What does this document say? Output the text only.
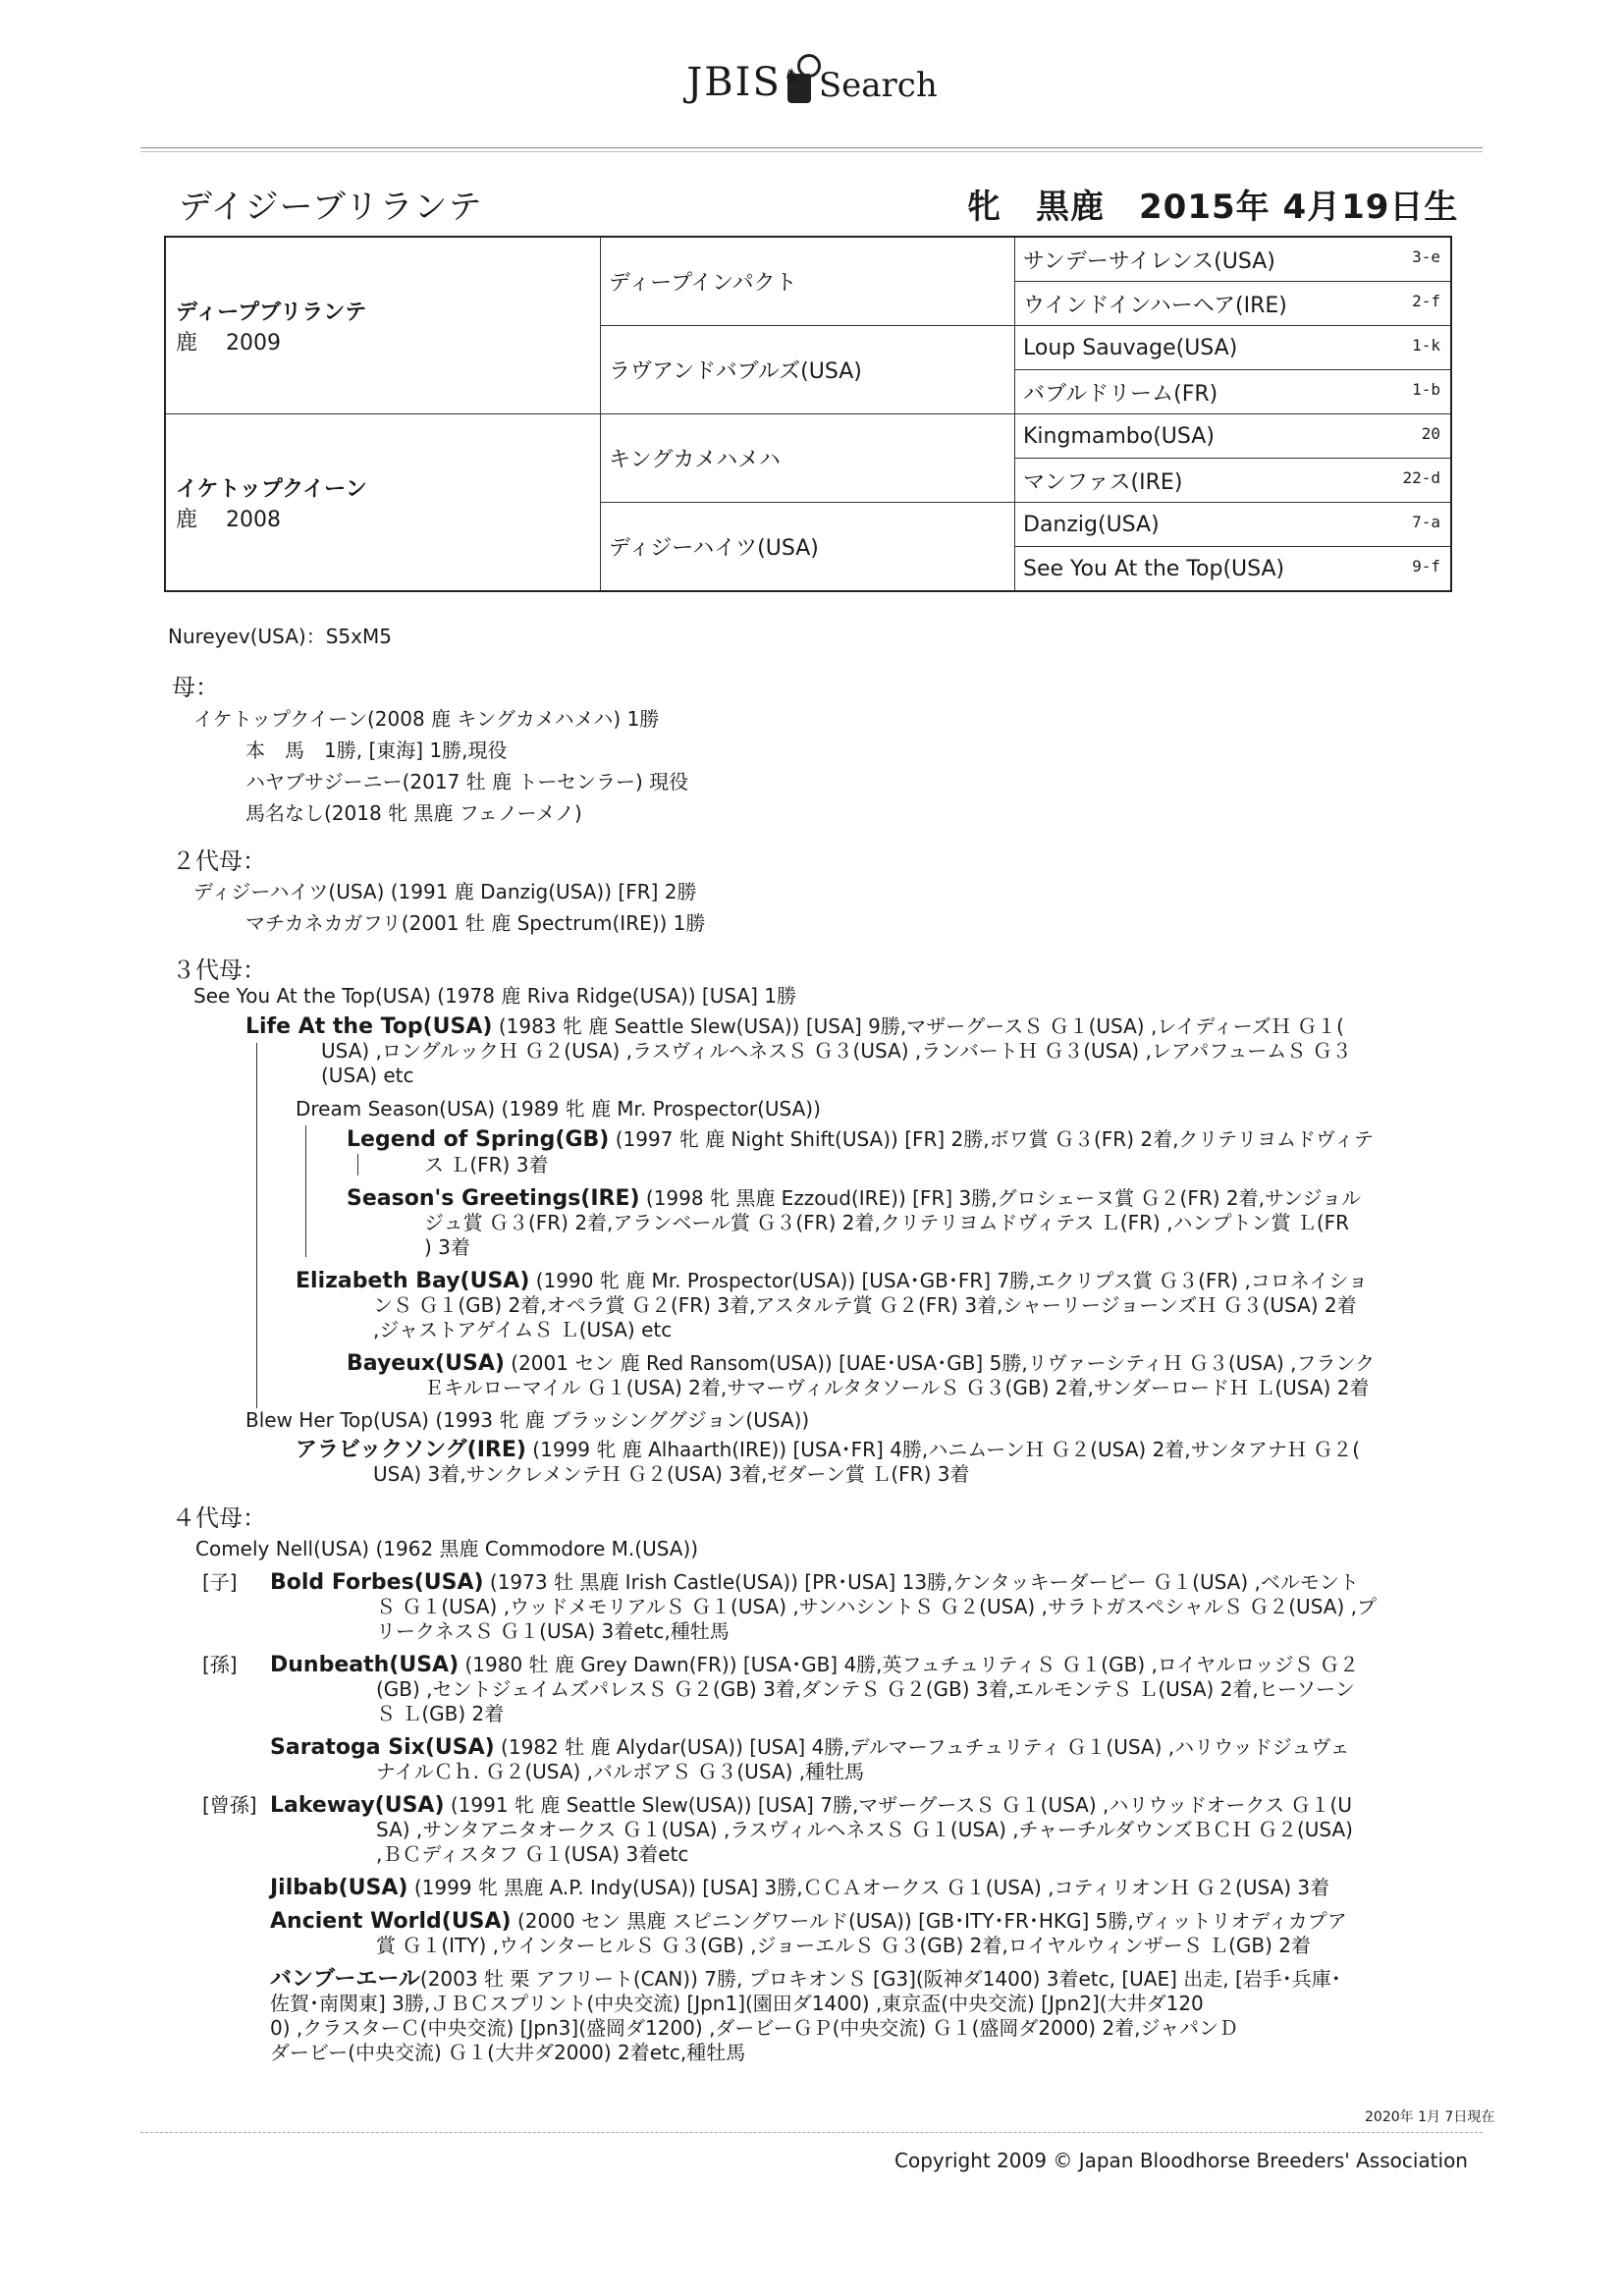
JBIS ♞ Search
デイジーブリランテ	牝　黒鹿　2015年 4月19日生
ディープブリランテ
鹿　 2009	ディープインパクト	サンデーサイレンス(USA) 3-e

		ウインドインハーヘア(IRE) 2-f

	ラヴアンドバブルズ(USA)	Loup Sauvage(USA) 1-k

		バブルドリーム(FR) 1-b

イケトップクイーン
鹿　 2008	キングカメハメハ	Kingmambo(USA) 20

		マンファス(IRE) 22-d

	ディジーハイツ(USA)	Danzig(USA) 7-a

		See You At the Top(USA) 9-f
Nureyev(USA)：S5xM5
母：
イケトップクイーン(2008 鹿 キングカメハメハ) 1勝
本　馬　1勝, [東海] 1勝,現役
ハヤブサジーニー(2017 牡 鹿 トーセンラー) 現役
馬名なし(2018 牝 黒鹿 フェノーメノ)
２代母：
ディジーハイツ(USA) (1991 鹿 Danzig(USA)) [FR] 2勝
マチカネカガフリ(2001 牡 鹿 Spectrum(IRE)) 1勝
３代母：
See You At the Top(USA) (1978 鹿 Riva Ridge(USA)) [USA] 1勝
Life At the Top(USA) (1983 牝 鹿 Seattle Slew(USA)) [USA] 9勝,マザーグースＳ Ｇ１(USA) ,レイディーズＨ Ｇ１(
USA) ,ロングルックＨ Ｇ２(USA) ,ラスヴィルヘネスＳ Ｇ３(USA) ,ランバートＨ Ｇ３(USA) ,レアパフュームＳ Ｇ３
(USA) etc
Dream Season(USA) (1989 牝 鹿 Mr. Prospector(USA))
Legend of Spring(GB) (1997 牝 鹿 Night Shift(USA)) [FR] 2勝,ボワ賞 Ｇ３(FR) 2着,クリテリヨムドヴィテ
ス Ｌ(FR) 3着
Season's Greetings(IRE) (1998 牝 黒鹿 Ezzoud(IRE)) [FR] 3勝,グロシェーヌ賞 Ｇ２(FR) 2着,サンジョル
ジュ賞 Ｇ３(FR) 2着,アランベール賞 Ｇ３(FR) 2着,クリテリヨムドヴィテス Ｌ(FR) ,ハンプトン賞 Ｌ(FR
) 3着
Elizabeth Bay(USA) (1990 牝 鹿 Mr. Prospector(USA)) [USA･GB･FR] 7勝,エクリプス賞 Ｇ３(FR) ,コロネイショ
ンＳ Ｇ１(GB) 2着,オペラ賞 Ｇ２(FR) 3着,アスタルテ賞 Ｇ２(FR) 3着,シャーリージョーンズＨ Ｇ３(USA) 2着
,ジャストアゲイムＳ Ｌ(USA) etc
Bayeux(USA) (2001 セン 鹿 Red Ransom(USA)) [UAE･USA･GB] 5勝,リヴァーシティＨ Ｇ３(USA) ,フランク
Ｅキルローマイル Ｇ１(USA) 2着,サマーヴィルタタソールＳ Ｇ３(GB) 2着,サンダーロードＨ Ｌ(USA) 2着
Blew Her Top(USA) (1993 牝 鹿 ブラッシンググジョン(USA))
アラビックソング(IRE) (1999 牝 鹿 Alhaarth(IRE)) [USA･FR] 4勝,ハニムーンＨ Ｇ２(USA) 2着,サンタアナＨ Ｇ２(
USA) 3着,サンクレメンテＨ Ｇ２(USA) 3着,ゼダーン賞 Ｌ(FR) 3着
４代母：
Comely Nell(USA) (1962 黒鹿 Commodore M.(USA))
[子] Bold Forbes(USA) (1973 牡 黒鹿 Irish Castle(USA)) [PR･USA] 13勝,ケンタッキーダービー Ｇ１(USA) ,ベルモント
Ｓ Ｇ１(USA) ,ウッドメモリアルＳ Ｇ１(USA) ,サンハシントＳ Ｇ２(USA) ,サラトガスペシャルＳ Ｇ２(USA) ,プ
リークネスＳ Ｇ１(USA) 3着etc,種牡馬
[孫] Dunbeath(USA) (1980 牡 鹿 Grey Dawn(FR)) [USA･GB] 4勝,英フュチュリティＳ Ｇ１(GB) ,ロイヤルロッジＳ Ｇ２
(GB) ,セントジェイムズパレスＳ Ｇ２(GB) 3着,ダンテＳ Ｇ２(GB) 3着,エルモンテＳ Ｌ(USA) 2着,ヒーソーン
Ｓ Ｌ(GB) 2着
Saratoga Six(USA) (1982 牡 鹿 Alydar(USA)) [USA] 4勝,デルマーフュチュリティ Ｇ１(USA) ,ハリウッドジュヴェ
ナイルＣｈ. Ｇ２(USA) ,バルボアＳ Ｇ３(USA) ,種牡馬
[曾孫] Lakeway(USA) (1991 牝 鹿 Seattle Slew(USA)) [USA] 7勝,マザーグースＳ Ｇ１(USA) ,ハリウッドオークス Ｇ１(U
SA) ,サンタアニタオークス Ｇ１(USA) ,ラスヴィルヘネスＳ Ｇ１(USA) ,チャーチルダウンズＢＣＨ Ｇ２(USA)
,ＢＣディスタフ Ｇ１(USA) 3着etc
Jilbab(USA) (1999 牝 黒鹿 A.P. Indy(USA)) [USA] 3勝,ＣＣＡオークス Ｇ１(USA) ,コティリオンＨ Ｇ２(USA) 3着
Ancient World(USA) (2000 セン 黒鹿 スピニングワールド(USA)) [GB･ITY･FR･HKG] 5勝,ヴィットリオディカプア
賞 Ｇ１(ITY) ,ウインターヒルＳ Ｇ３(GB) ,ジョーエルＳ Ｇ３(GB) 2着,ロイヤルウィンザーＳ Ｌ(GB) 2着
バンブーエール(2003 牡 栗 アフリート(CAN)) 7勝, プロキオンＳ [G3](阪神ダ1400) 3着etc, [UAE] 出走, [岩手･兵庫･
佐賀･南関東] 3勝,ＪＢＣスプリント(中央交流) [Jpn1](園田ダ1400) ,東京盃(中央交流) [Jpn2](大井ダ120
0) ,クラスターＣ(中央交流) [Jpn3](盛岡ダ1200) ,ダービーＧＰ(中央交流) Ｇ１(盛岡ダ2000) 2着,ジャパンＤ
ダービー(中央交流) Ｇ１(大井ダ2000) 2着etc,種牡馬
2020年 1月 7日現在
Copyright 2009 © Japan Bloodhorse Breeders' Association
